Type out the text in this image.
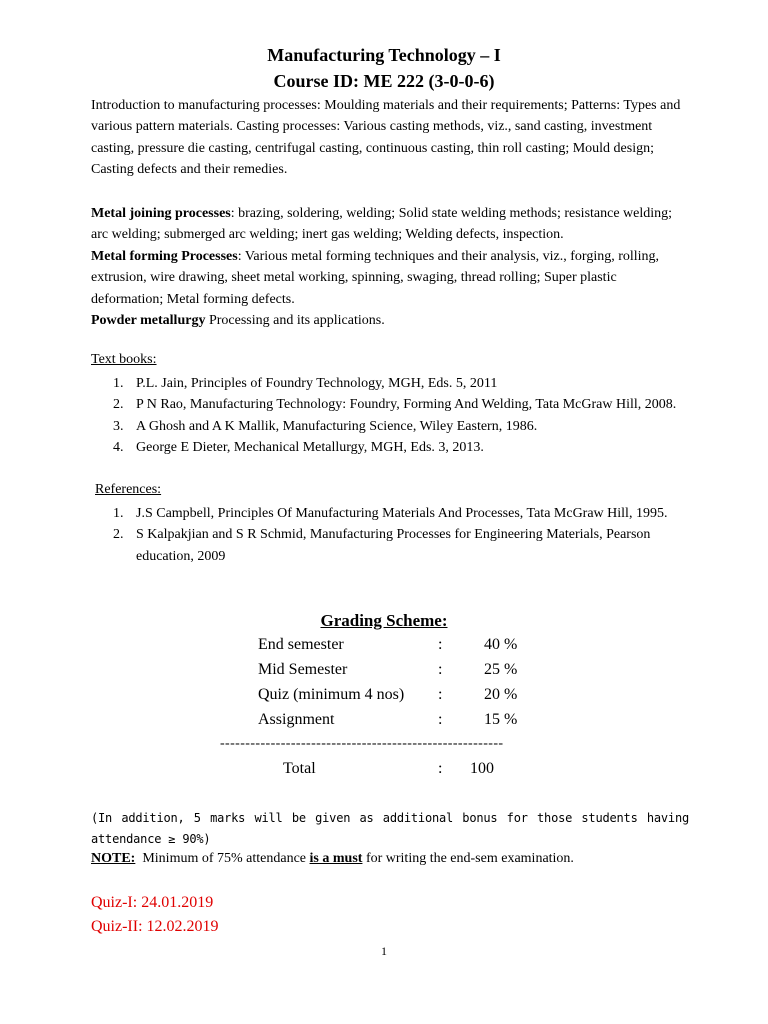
Manufacturing Technology – I
Course ID: ME 222 (3-0-0-6)

Introduction to manufacturing processes: Moulding materials and their requirements; Patterns: Types and various pattern materials. Casting processes: Various casting methods, viz., sand casting, investment casting, pressure die casting, centrifugal casting, continuous casting, thin roll casting; Mould design; Casting defects and their remedies.

Metal joining processes: brazing, soldering, welding; Solid state welding methods; resistance welding; arc welding; submerged arc welding; inert gas welding; Welding defects, inspection.
Metal forming Processes: Various metal forming techniques and their analysis, viz., forging, rolling, extrusion, wire drawing, sheet metal working, spinning, swaging, thread rolling; Super plastic deformation; Metal forming defects.
Powder metallurgy Processing and its applications.

Text books:
1. P.L. Jain, Principles of Foundry Technology, MGH, Eds. 5, 2011
2. P N Rao, Manufacturing Technology: Foundry, Forming And Welding, Tata McGraw Hill, 2008.
3. A Ghosh and A K Mallik, Manufacturing Science, Wiley Eastern, 1986.
4. George E Dieter, Mechanical Metallurgy, MGH, Eds. 3, 2013.
References:
1. J.S Campbell, Principles Of Manufacturing Materials And Processes, Tata McGraw Hill, 1995.
2. S Kalpakjian and S R Schmid, Manufacturing Processes for Engineering Materials, Pearson education, 2009
Grading Scheme:
End semester	:	40 %
Mid Semester	:	25 %
Quiz (minimum 4 nos) :	20 %
Assignment	:	15 %
--------------------------------------------------------
Total	: 100

(In addition, 5 marks will be given as additional bonus for those students having attendance ≥ 90%)

NOTE:  Minimum of 75% attendance is a must for writing the end-sem examination.
Quiz-I: 24.01.2019
Quiz-II: 12.02.2019
1
